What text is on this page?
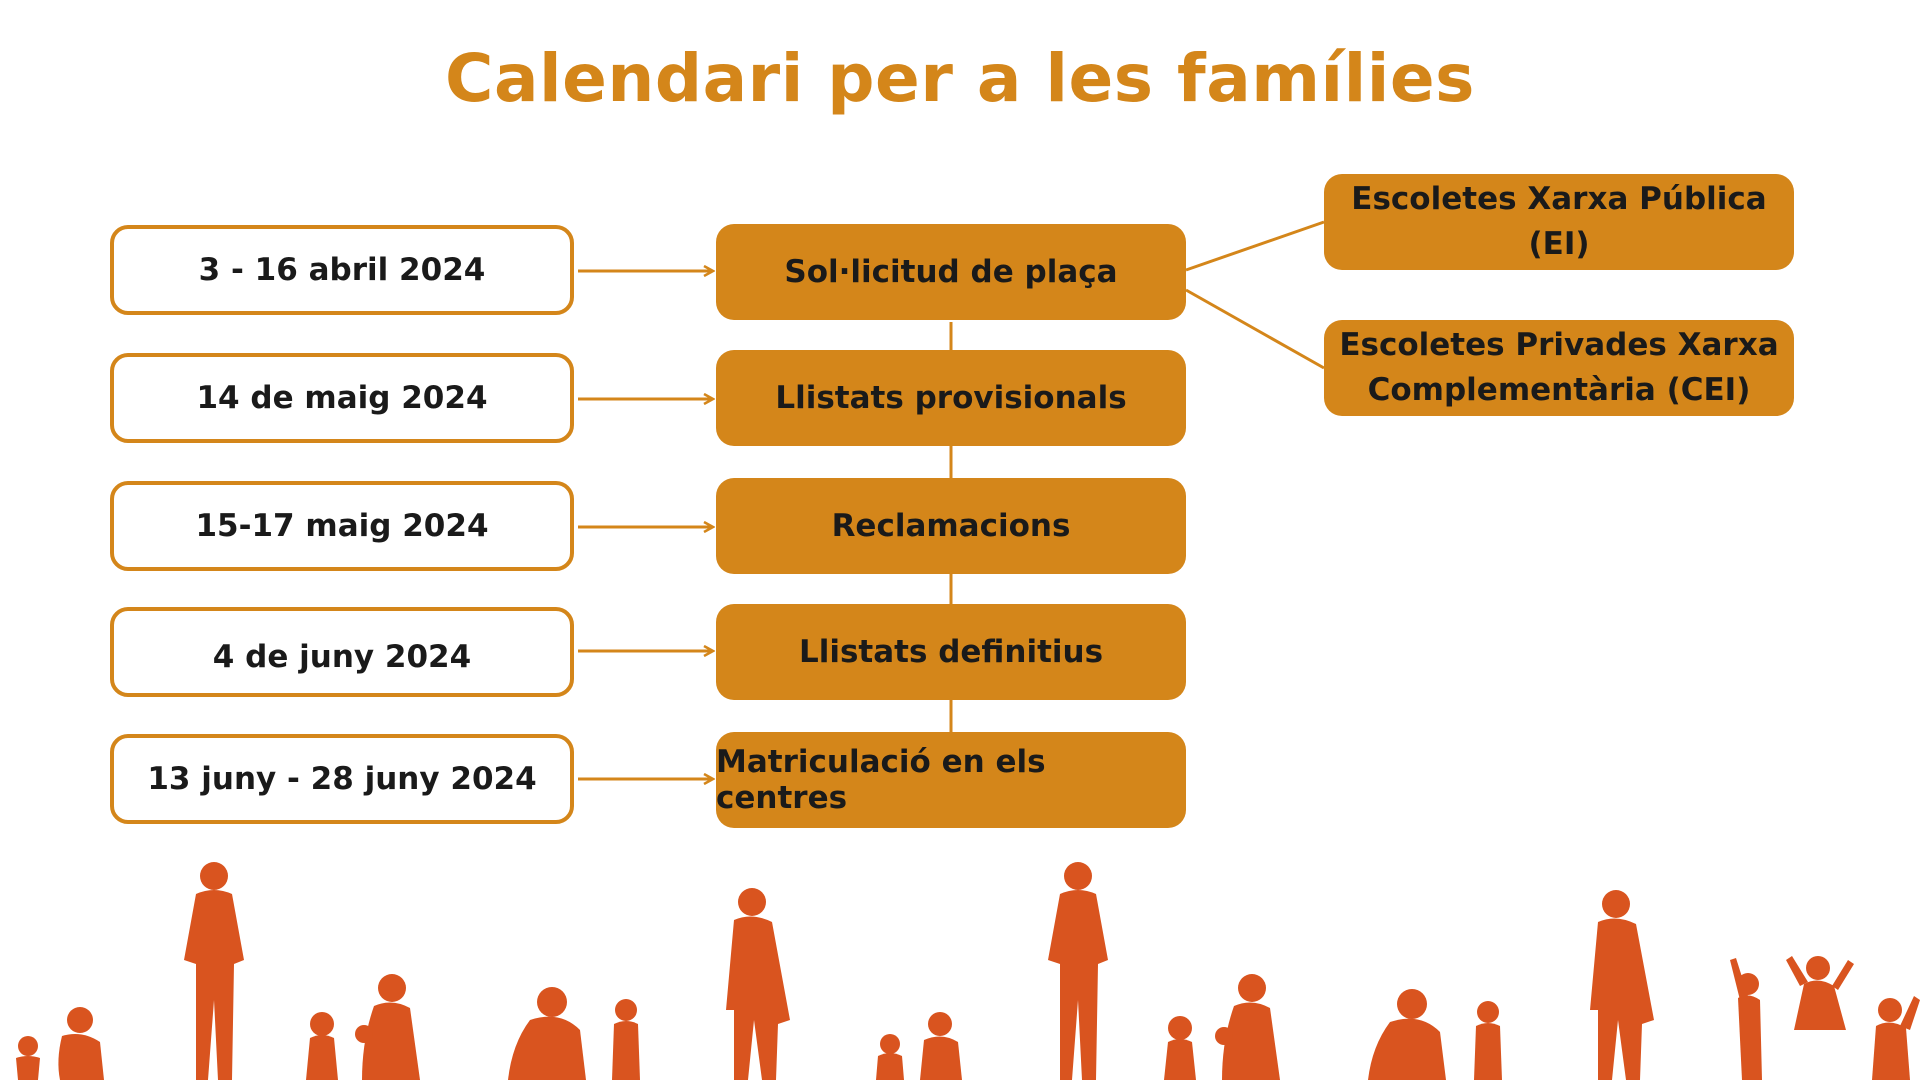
Calendari per a les famílies
3 - 16 abril 2024
14 de maig 2024
15-17 maig 2024
4 de juny 2024
13 juny - 28 juny 2024
Sol·licitud de plaça
Llistats provisionals
Reclamacions
Llistats definitius
Matriculació en els centres
Escoletes Xarxa Pública (EI)
Escoletes Privades Xarxa
Complementària (CEI)
